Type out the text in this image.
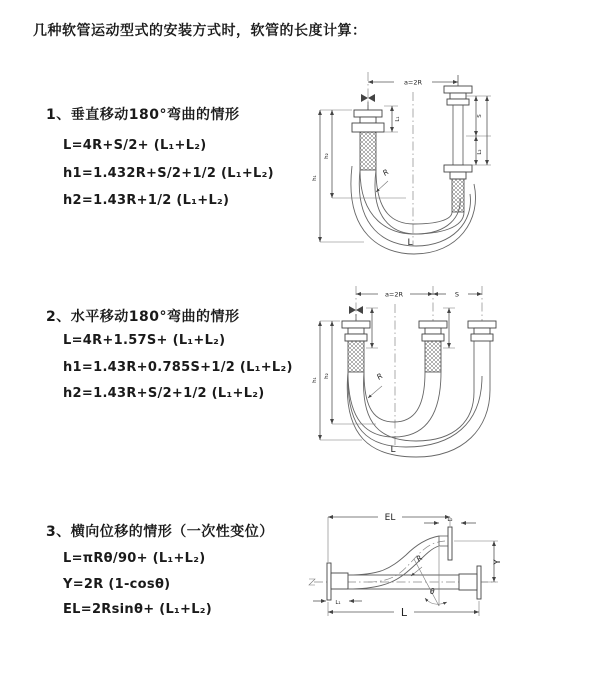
几种软管运动型式的安装方式时，软管的长度计算：
1、垂直移动180°弯曲的情形
L=4R+S/2+ (L₁+L₂)
h1=1.432R+S/2+1/2 (L₁+L₂)
h2=1.43R+1/2 (L₁+L₂)
2、水平移动180°弯曲的情形
L=4R+1.57S+ (L₁+L₂)
h1=1.43R+0.785S+1/2 (L₁+L₂)
h2=1.43R+S/2+1/2 (L₁+L₂)
3、横向位移的情形（一次性变位）
L=πRθ/90+ (L₁+L₂)
Y=2R (1-cosθ)
EL=2Rsinθ+ (L₁+L₂)
a=2R
R
L
h₁
h₂
L₁
S
L₂
a=2R	S
h₁
h₂	R
L
EL	L₂
Y
L
L₁
θ
R
